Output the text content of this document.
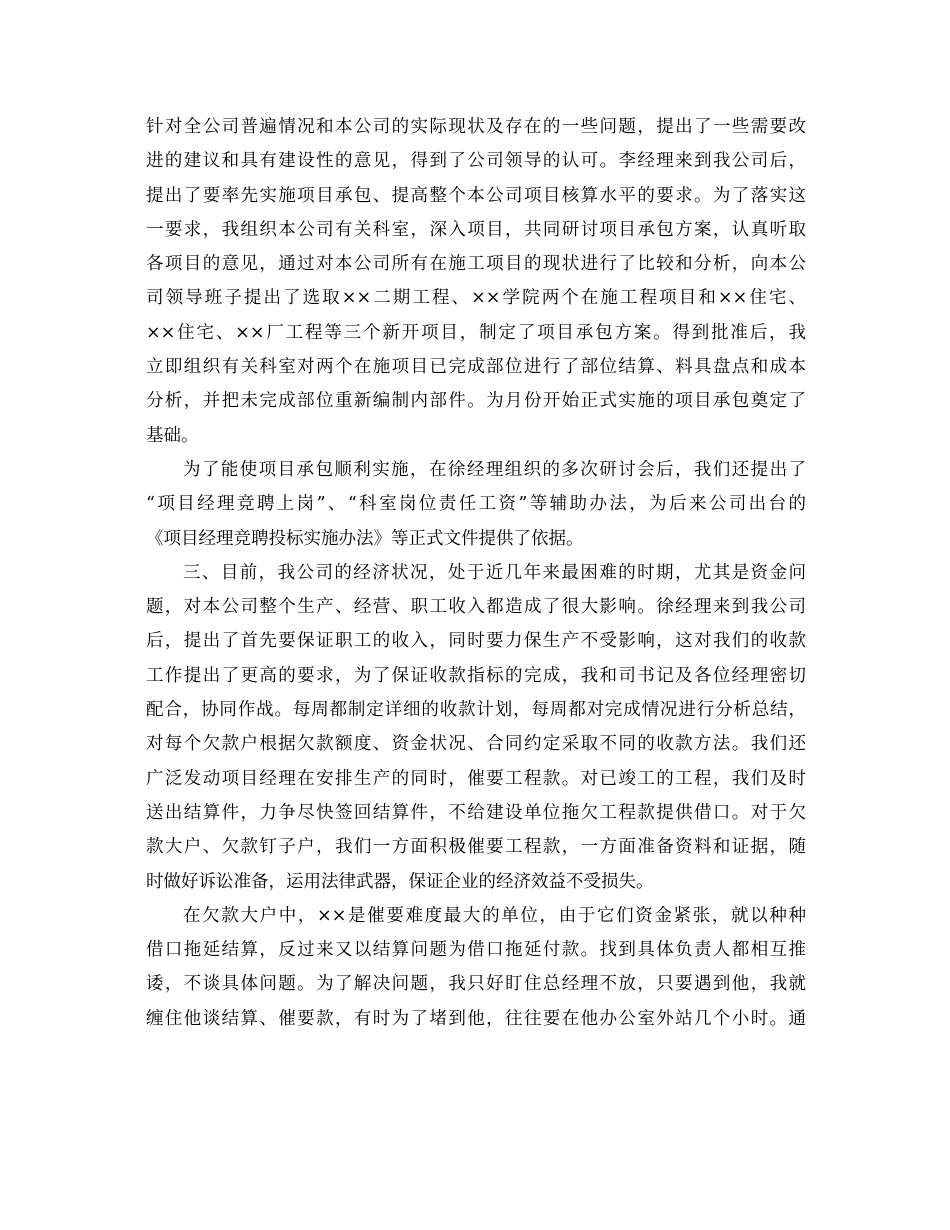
针对全公司普遍情况和本公司的实际现状及存在的一些问题，提出了一些需要改
进的建议和具有建设性的意见，得到了公司领导的认可。李经理来到我公司后，
提出了要率先实施项目承包、提高整个本公司项目核算水平的要求。为了落实这
一要求，我组织本公司有关科室，深入项目，共同研讨项目承包方案，认真听取
各项目的意见，通过对本公司所有在施工项目的现状进行了比较和分析，向本公
司领导班子提出了选取××二期工程、××学院两个在施工程项目和××住宅、
××住宅、××厂工程等三个新开项目，制定了项目承包方案。得到批准后，我
立即组织有关科室对两个在施项目已完成部位进行了部位结算、料具盘点和成本
分析，并把未完成部位重新编制内部件。为月份开始正式实施的项目承包奠定了
基础。
为了能使项目承包顺利实施，在徐经理组织的多次研讨会后，我们还提出了
“项目经理竞聘上岗”、“科室岗位责任工资”等辅助办法，为后来公司出台的
《项目经理竞聘投标实施办法》等正式文件提供了依据。
三、目前，我公司的经济状况，处于近几年来最困难的时期，尤其是资金问
题，对本公司整个生产、经营、职工收入都造成了很大影响。徐经理来到我公司
后，提出了首先要保证职工的收入，同时要力保生产不受影响，这对我们的收款
工作提出了更高的要求，为了保证收款指标的完成，我和司书记及各位经理密切
配合，协同作战。每周都制定详细的收款计划，每周都对完成情况进行分析总结，
对每个欠款户根据欠款额度、资金状况、合同约定采取不同的收款方法。我们还
广泛发动项目经理在安排生产的同时，催要工程款。对已竣工的工程，我们及时
送出结算件，力争尽快签回结算件，不给建设单位拖欠工程款提供借口。对于欠
款大户、欠款钉子户，我们一方面积极催要工程款，一方面准备资料和证据，随
时做好诉讼准备，运用法律武器，保证企业的经济效益不受损失。
在欠款大户中，××是催要难度最大的单位，由于它们资金紧张，就以种种
借口拖延结算，反过来又以结算问题为借口拖延付款。找到具体负责人都相互推
诿，不谈具体问题。为了解决问题，我只好盯住总经理不放，只要遇到他，我就
缠住他谈结算、催要款，有时为了堵到他，往往要在他办公室外站几个小时。通
